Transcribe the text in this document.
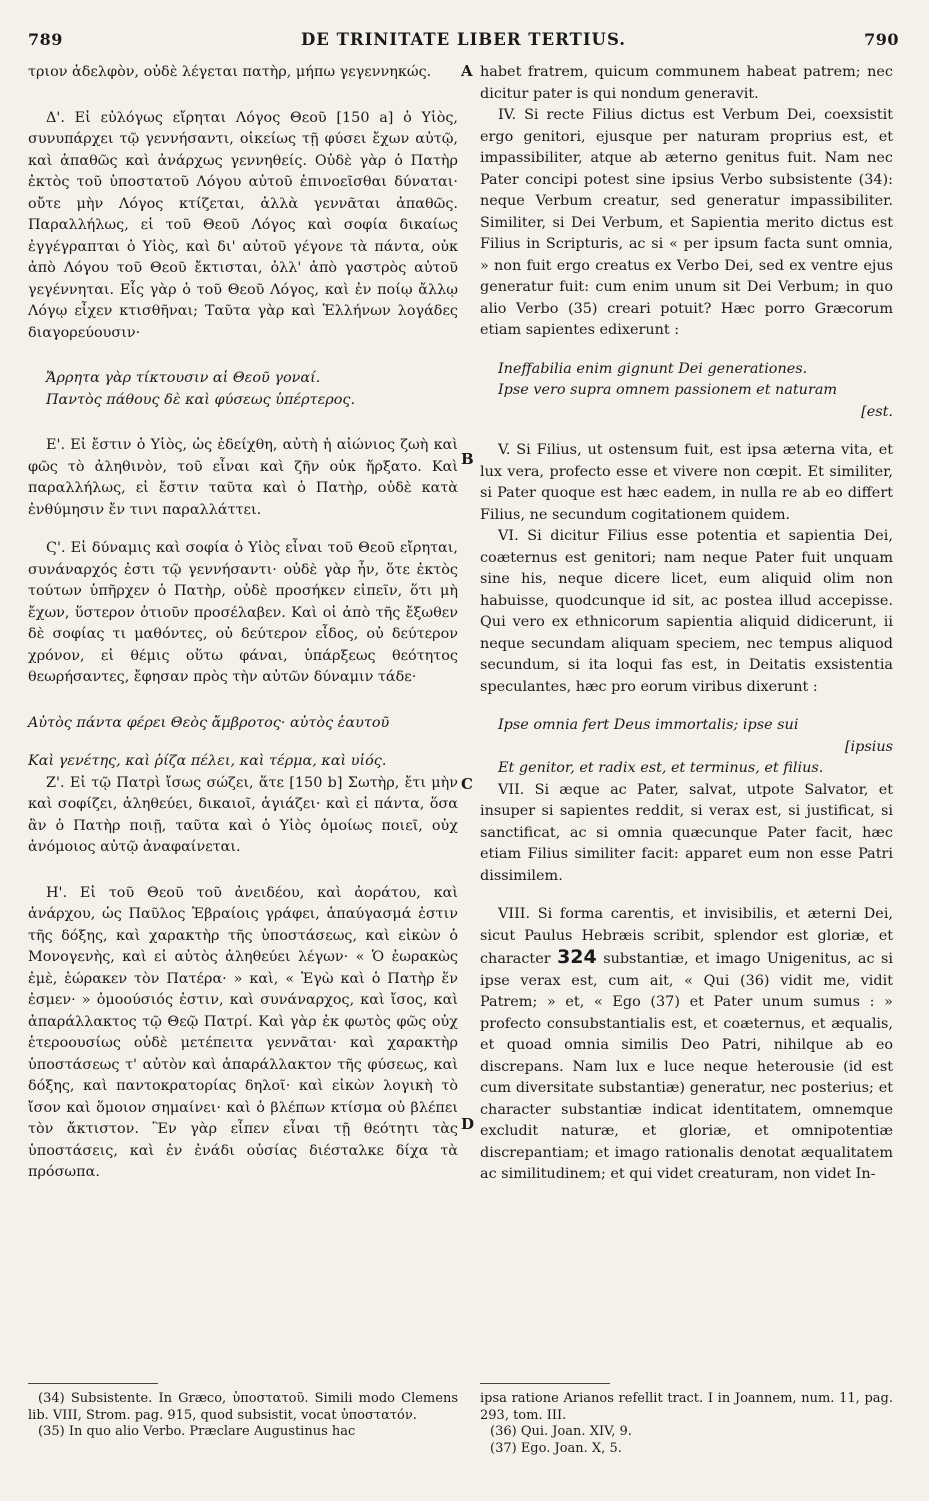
789	DE TRINITATE LIBER TERTIUS.	790
A
B
C
D

τριον ἀδελφὸν, οὐδὲ λέγεται πατὴρ, μήπω γεγεννηκώς.

Δ'. Εἰ εὐλόγως εἴρηται Λόγος Θεοῦ [150 a] ὁ Υἱὸς, συνυπάρχει τῷ γεννήσαντι, οἰκείως τῇ φύσει ἔχων αὐτῷ, καὶ ἀπαθῶς καὶ ἀνάρχως γεννηθείς. Οὐδὲ γὰρ ὁ Πατὴρ ἐκτὸς τοῦ ὑποστατοῦ Λόγου αὐτοῦ ἐπινοεῖσθαι δύναται· οὔτε μὴν Λόγος κτίζεται, ἀλλὰ γεννᾶται ἀπαθῶς. Παραλλήλως, εἰ τοῦ Θεοῦ Λόγος καὶ σοφία δικαίως ἐγγέγραπται ὁ Υἱὸς, καὶ δι' αὐτοῦ γέγονε τὰ πάντα, οὐκ ἀπὸ Λόγου τοῦ Θεοῦ ἔκτισται, ὀλλ' ἀπὸ γαστρὸς αὐτοῦ γεγέννηται. Εἷς γὰρ ὁ τοῦ Θεοῦ Λόγος, καὶ ἐν ποίῳ ἄλλῳ Λόγῳ εἶχεν κτισθῆναι; Ταῦτα γὰρ καὶ Ἑλλήνων λογάδες διαγορεύουσιν·

Ἄρρητα γὰρ τίκτουσιν αἱ Θεοῦ γοναί.

Παντὸς πάθους δὲ καὶ φύσεως ὑπέρτερος.

Ε'. Εἰ ἔστιν ὁ Υἱὸς, ὡς ἐδείχθη, αὐτὴ ἡ αἰώνιος ζωὴ καὶ φῶς τὸ ἀληθινὸν, τοῦ εἶναι καὶ ζῆν οὐκ ἤρξατο. Καὶ παραλλήλως, εἰ ἔστιν ταῦτα καὶ ὁ Πατὴρ, οὐδὲ κατὰ ἐνθύμησιν ἔν τινι παραλλάττει.

Ϛ'. Εἰ δύναμις καὶ σοφία ὁ Υἱὸς εἶναι τοῦ Θεοῦ εἴρηται, συνάναρχός ἐστι τῷ γεννήσαντι· οὐδὲ γὰρ ἦν, ὅτε ἐκτὸς τούτων ὑπῆρχεν ὁ Πατὴρ, οὐδὲ προσήκεν εἰπεῖν, ὅτι μὴ ἔχων, ὕστερον ὁτιοῦν προσέλαβεν. Καὶ οἱ ἀπὸ τῆς ἔξωθεν δὲ σοφίας τι μαθόντες, οὐ δεύτερον εἶδος, οὐ δεύτερον χρόνον, εἰ θέμις οὕτω φάναι, ὑπάρξεως θεότητος θεωρήσαντες, ἔφησαν πρὸς τὴν αὐτῶν δύναμιν τάδε·

Αὐτὸς πάντα φέρει Θεὸς ἄμβροτος· αὐτὸς ἑαυτοῦ

Καὶ γενέτης, καὶ ῥίζα πέλει, καὶ τέρμα, καὶ υἱός.

Ζ'. Εἰ τῷ Πατρὶ ἴσως σώζει, ἅτε [150 b] Σωτὴρ, ἔτι μὴν καὶ σοφίζει, ἀληθεύει, δικαιοῖ, ἁγιάζει· καὶ εἰ πάντα, ὅσα ἂν ὁ Πατὴρ ποιῇ, ταῦτα καὶ ὁ Υἱὸς ὁμοίως ποιεῖ, οὐχ ἀνόμοιος αὐτῷ ἀναφαίνεται.

Η'. Εἰ τοῦ Θεοῦ τοῦ ἀνειδέου, καὶ ἀοράτου, καὶ ἀνάρχου, ὡς Παῦλος Ἑβραίοις γράφει, ἀπαύγασμά ἐστιν τῆς δόξης, καὶ χαρακτὴρ τῆς ὑποστάσεως, καὶ εἰκὼν ὁ Μονογενὴς, καὶ εἰ αὐτὸς ἀληθεύει λέγων· « Ὁ ἑωρακὼς ἐμὲ, ἑώρακεν τὸν Πατέρα· » καὶ, « Ἐγὼ καὶ ὁ Πατὴρ ἕν ἐσμεν· » ὁμοούσιός ἐστιν, καὶ συνάναρχος, καὶ ἴσος, καὶ ἀπαράλλακτος τῷ Θεῷ Πατρί. Καὶ γὰρ ἐκ φωτὸς φῶς οὐχ ἑτεροουσίως οὐδὲ μετέπειτα γεννᾶται· καὶ χαρακτὴρ ὑποστάσεως τ' αὐτὸν καὶ ἀπαράλλακτον τῆς φύσεως, καὶ δόξης, καὶ παντοκρατορίας δηλοῖ· καὶ εἰκὼν λογικὴ τὸ ἴσον καὶ ὅμοιον σημαίνει· καὶ ὁ βλέπων κτίσμα οὐ βλέπει τὸν ἄκτιστον. Ἓν γὰρ εἶπεν εἶναι τῇ θεότητι τὰς ὑποστάσεις, καὶ ἐν ἐνάδι οὐσίας διέσταλκε δίχα τὰ πρόσωπα.

habet fratrem, quicum communem habeat patrem; nec dicitur pater is qui nondum generavit.

IV. Si recte Filius dictus est Verbum Dei, coexsistit ergo genitori, ejusque per naturam proprius est, et impassibiliter, atque ab æterno genitus fuit. Nam nec Pater concipi potest sine ipsius Verbo subsistente (34): neque Verbum creatur, sed generatur impassibiliter. Similiter, si Dei Verbum, et Sapientia merito dictus est Filius in Scripturis, ac si « per ipsum facta sunt omnia, » non fuit ergo creatus ex Verbo Dei, sed ex ventre ejus generatur fuit: cum enim unum sit Dei Verbum; in quo alio Verbo (35) creari potuit? Hæc porro Græcorum etiam sapientes edixerunt :

Ineffabilia enim gignunt Dei generationes.

Ipse vero supra omnem passionem et naturam
[est.

V. Si Filius, ut ostensum fuit, est ipsa æterna vita, et lux vera, profecto esse et vivere non cœpit. Et similiter, si Pater quoque est hæc eadem, in nulla re ab eo differt Filius, ne secundum cogitationem quidem.

VI. Si dicitur Filius esse potentia et sapientia Dei, coæternus est genitori; nam neque Pater fuit unquam sine his, neque dicere licet, eum aliquid olim non habuisse, quodcunque id sit, ac postea illud accepisse. Qui vero ex ethnicorum sapientia aliquid didicerunt, ii neque secundam aliquam speciem, nec tempus aliquod secundum, si ita loqui fas est, in Deitatis exsistentia speculantes, hæc pro eorum viribus dixerunt :

Ipse omnia fert Deus immortalis; ipse sui
[ipsius

Et genitor, et radix est, et terminus, et filius.

VII. Si æque ac Pater, salvat, utpote Salvator, et insuper si sapientes reddit, si verax est, si justificat, si sanctificat, ac si omnia quæcunque Pater facit, hæc etiam Filius similiter facit: apparet eum non esse Patri dissimilem.

VIII. Si forma carentis, et invisibilis, et æterni Dei, sicut Paulus Hebræis scribit, splendor est gloriæ, et character 324 substantiæ, et imago Unigenitus, ac si ipse verax est, cum ait, « Qui (36) vidit me, vidit Patrem; » et, « Ego (37) et Pater unum sumus : » profecto consubstantialis est, et coæternus, et æqualis, et quoad omnia similis Deo Patri, nihilque ab eo discrepans. Nam lux e luce neque heterousie (id est cum diversitate substantiæ) generatur, nec posterius; et character substantiæ indicat identitatem, omnemque excludit naturæ, et gloriæ, et omnipotentiæ discrepantiam; et imago rationalis denotat æqualitatem ac similitudinem; et qui videt creaturam, non videt In-

(34) Subsistente. In Græco, ὑποστατοῦ. Simili modo Clemens lib. VIII, Strom. pag. 915, quod subsistit, vocat ὑποστατόν.

(35) In quo alio Verbo. Præclare Augustinus hac

ipsa ratione Arianos refellit tract. I in Joannem, num. 11, pag. 293, tom. III.

(36) Qui. Joan. XIV, 9.

(37) Ego. Joan. X, 5.
